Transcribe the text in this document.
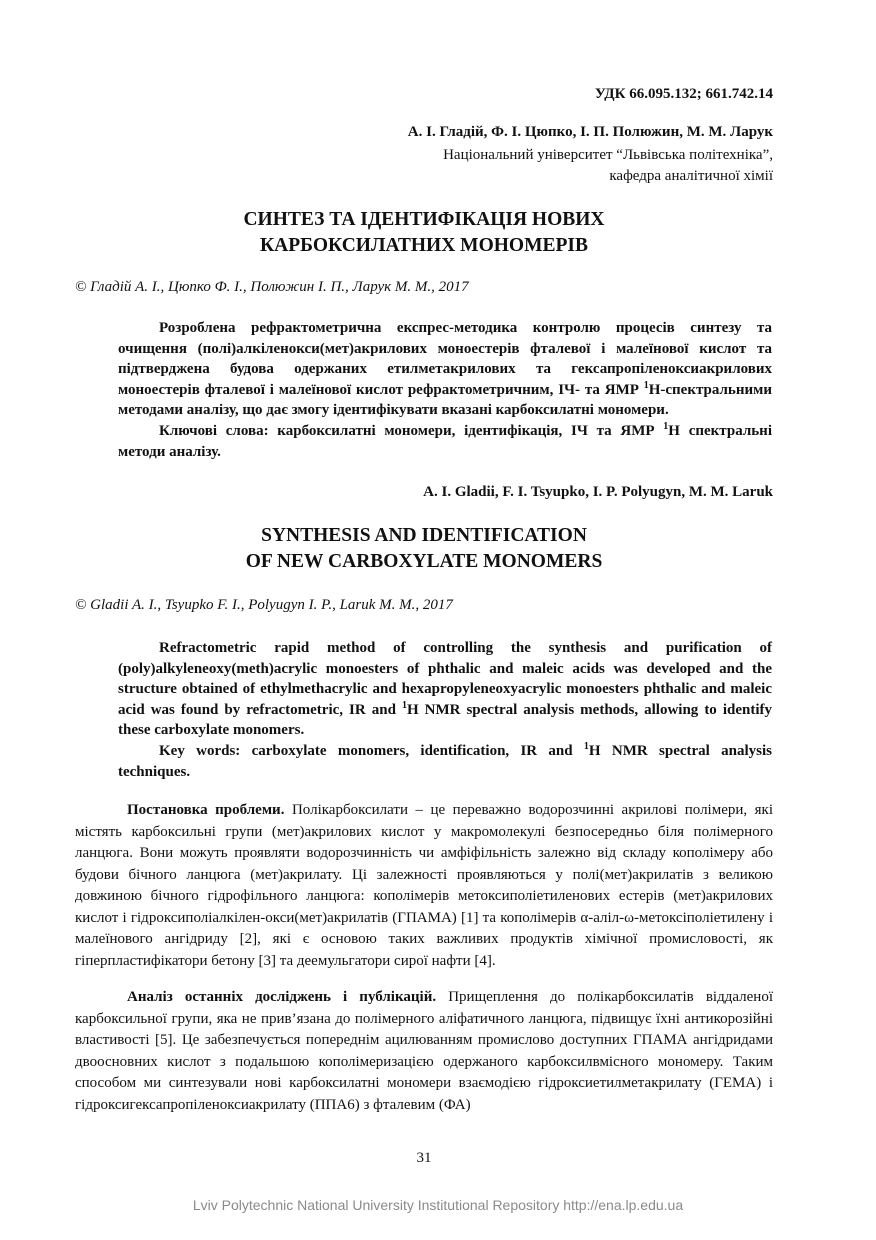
УДК 66.095.132; 661.742.14
А. І. Гладій, Ф. І. Цюпко, І. П. Полюжин, М. М. Ларук
Національний університет “Львівська політехніка”,
кафедра аналітичної хімії
СИНТЕЗ ТА ІДЕНТИФІКАЦІЯ НОВИХ
КАРБОКСИЛАТНИХ МОНОМЕРІВ
© Гладій А. І., Цюпко Ф. І., Полюжин І. П., Ларук М. М., 2017

Розроблена рефрактометрична експрес-методика контролю процесів синтезу та очищення (полі)алкіленокси(мет)акрилових моноестерів фталевої і малеїнової кислот та підтверджена будова одержаних етилметакрилових та гексапропіленоксиакрилових моноестерів фталевої і малеїнової кислот рефрактометричним, ІЧ- та ЯМР $^1$Н-спектральними методами аналізу, що дає змогу ідентифікувати вказані карбоксилатні мономери.

Ключові слова: карбоксилатні мономери, ідентифікація, ІЧ та ЯМР $^1$Н спектральні методи аналізу.

A. I. Gladii, F. I. Tsyupko, I. P. Polyugyn, M. M. Laruk
SYNTHESIS AND IDENTIFICATION
OF NEW CARBOXYLATE MONOMERS
© Gladii A. I., Tsyupko F. I., Polyugyn I. P., Laruk M. M., 2017

Refractometric rapid method of controlling the synthesis and purification of (poly)alkyleneoxy(meth)acrylic monoesters of phthalic and maleic acids was developed and the structure obtained of ethylmethacrylic and hexapropyleneoxyacrylic monoesters phthalic and maleic acid was found by refractometric, IR and $^1$H NMR spectral analysis methods, allowing to identify these carboxylate monomers.

Key words: carboxylate monomers, identification, IR and $^1$H NMR spectral analysis techniques.

Постановка проблеми. Полікарбоксилати – це переважно водорозчинні акрилові полімери, які містять карбоксильні групи (мет)акрилових кислот у макромолекулі безпосередньо біля полімерного ланцюга. Вони можуть проявляти водорозчинність чи амфіфільність залежно від складу кополімеру або будови бічного ланцюга (мет)акрилату. Ці залежності проявляються у полі(мет)акрилатів з великою довжиною бічного гідрофільного ланцюга: кополімерів метоксиполіетиленових естерів (мет)акрилових кислот і гідроксиполіалкілен-окси(мет)акрилатів (ГПАМА) [1] та кополімерів α-аліл-ω-метоксіполіетилену і малеїнового ангідриду [2], які є основою таких важливих продуктів хімічної промисловості, як гіперпластифікатори бетону [3] та деемульгатори сирої нафти [4].

Аналіз останніх досліджень і публікацій. Прищеплення до полікарбоксилатів віддаленої карбоксильної групи, яка не прив’язана до полімерного аліфатичного ланцюга, підвищує їхні антикорозійні властивості [5]. Це забезпечується попереднім ацилюванням промислово доступних ГПАМА ангідридами двоосновних кислот з подальшою кополімеризацією одержаного карбоксилвмісного мономеру. Таким способом ми синтезували нові карбоксилатні мономери взаємодією гідроксиетилметакрилату (ГЕМА) і гідроксигексапропіленоксиакрилату (ППА6) з фталевим (ФА)

31
Lviv Polytechnic National University Institutional Repository http://ena.lp.edu.ua
